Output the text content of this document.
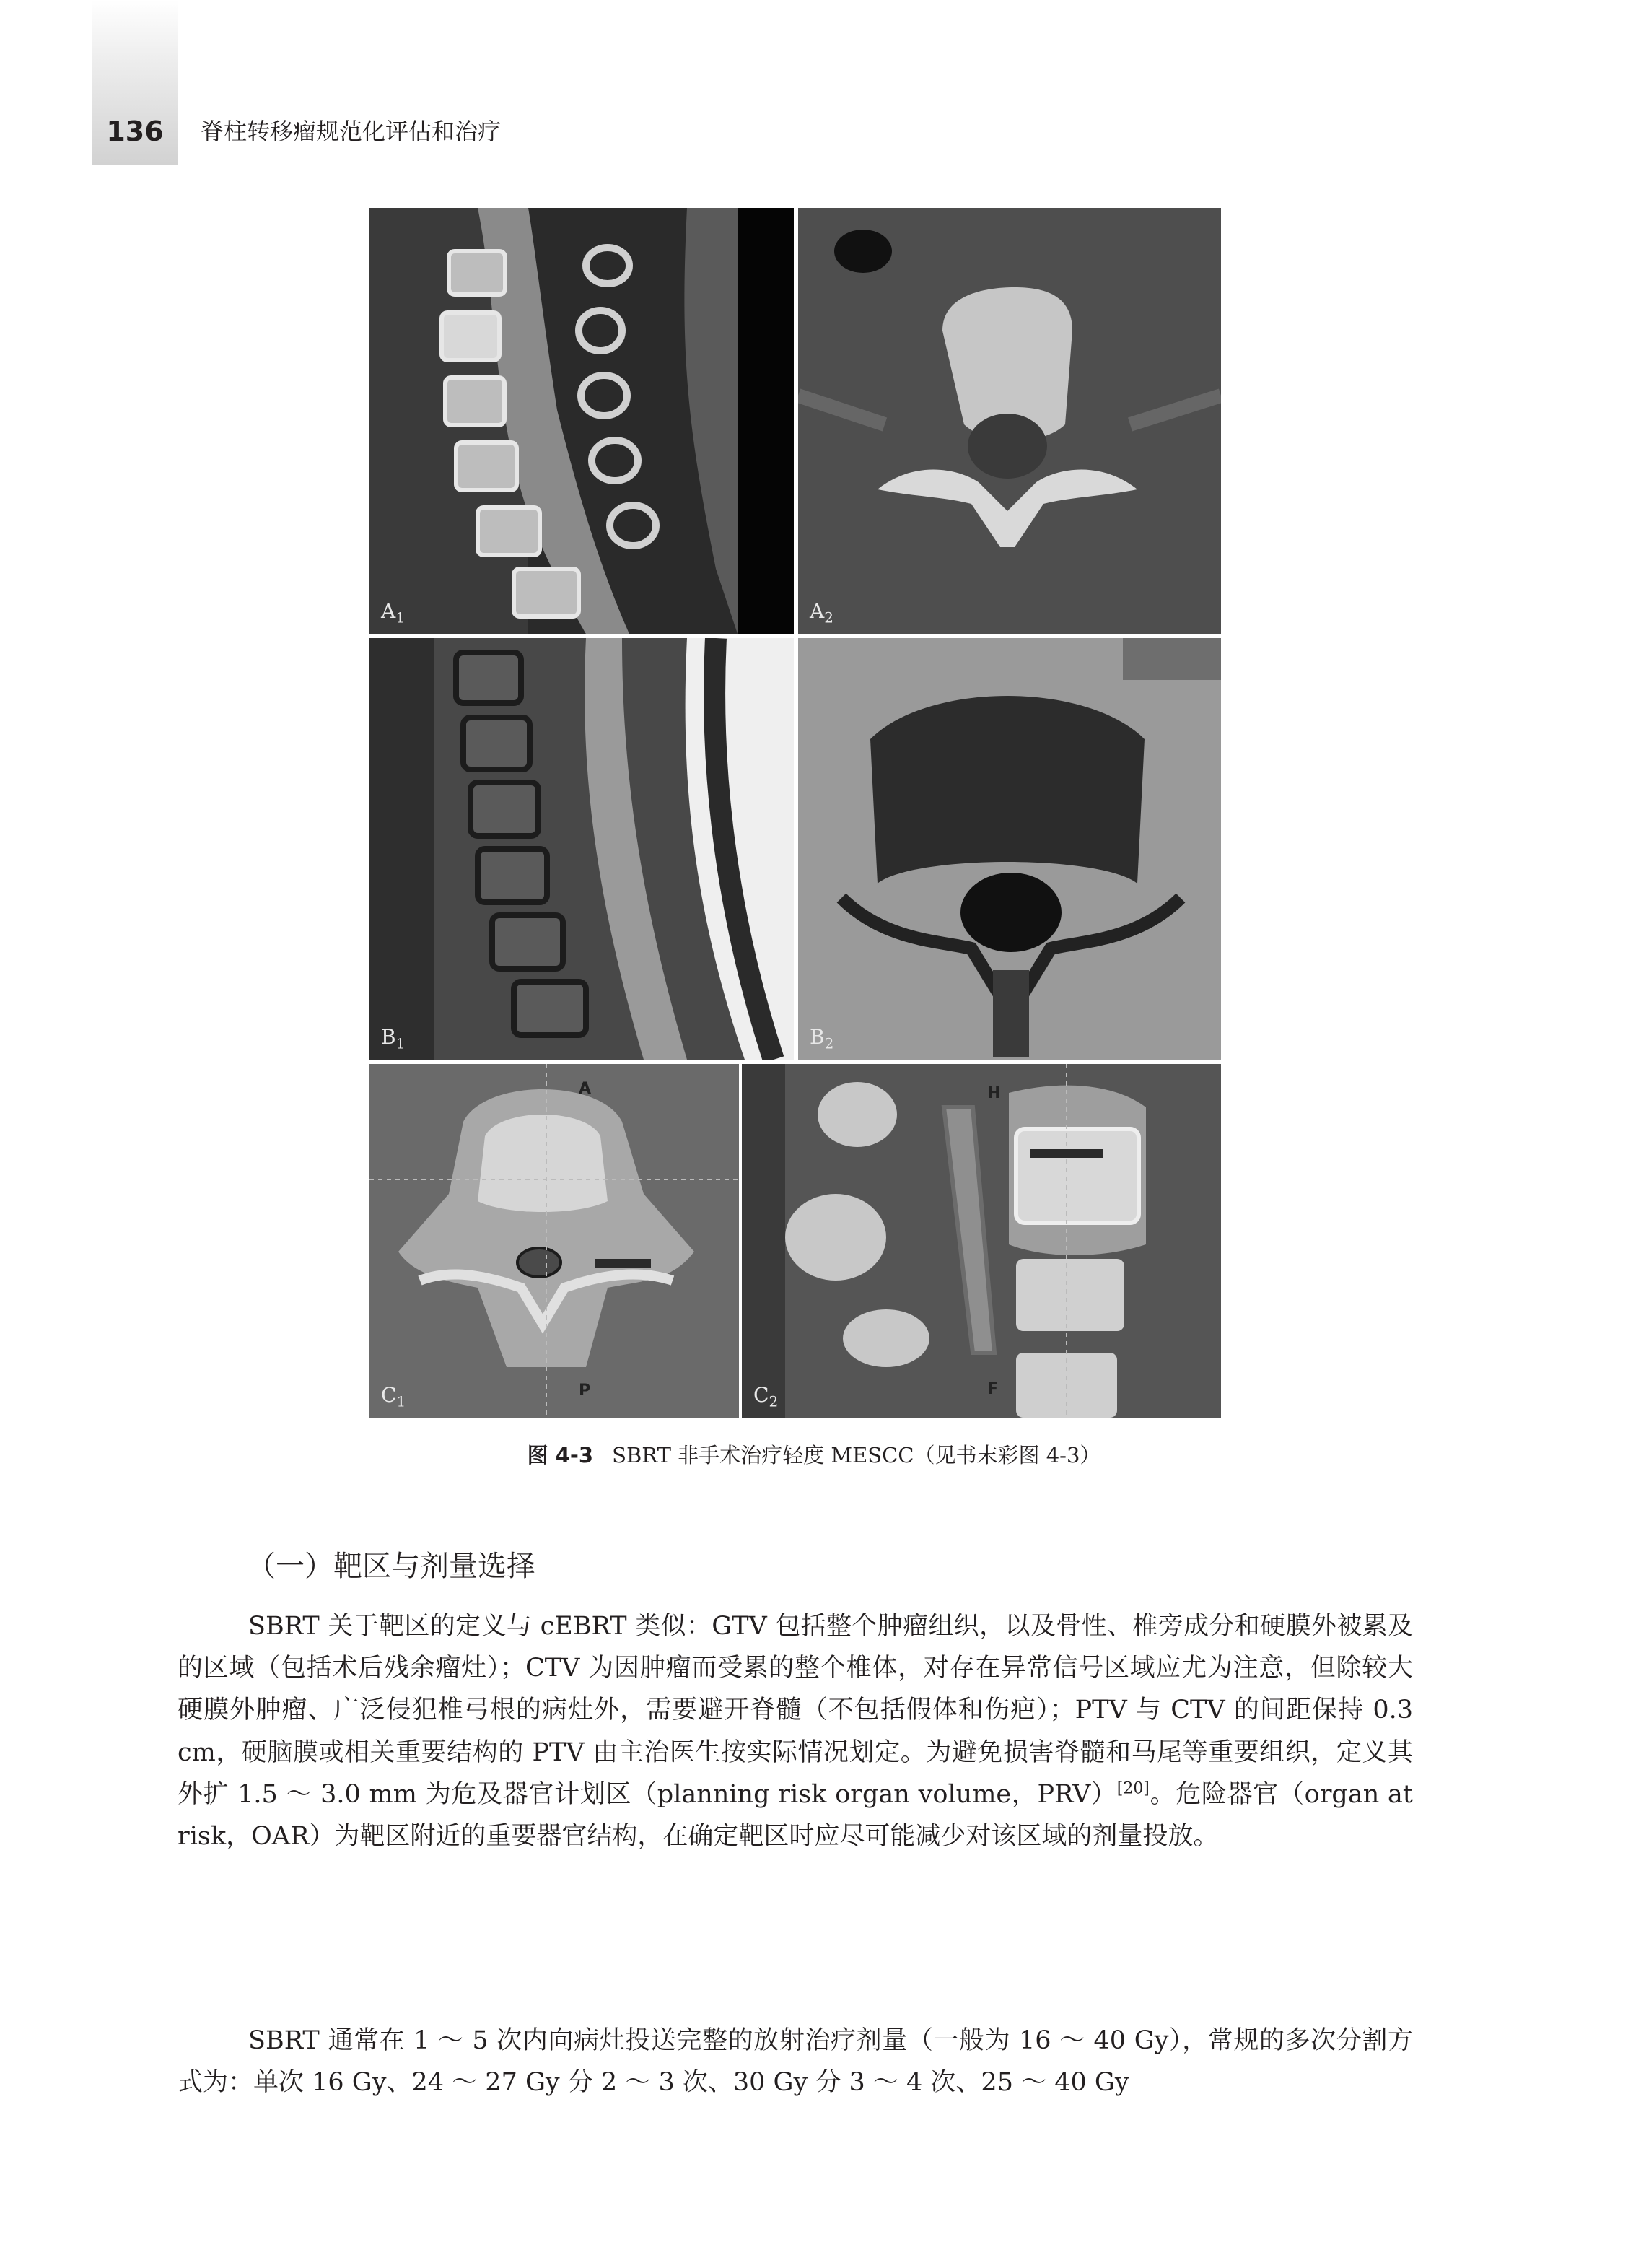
136	脊柱转移瘤规范化评估和治疗
$A_1$	$A_2$
$B_1$	$B_2$
A
P
$C_1$
H
F
$C_2$
图 4-3 SBRT 非手术治疗轻度 MESCC（见书末彩图 4-3）
（一）靶区与剂量选择

SBRT 关于靶区的定义与 cEBRT 类似：GTV 包括整个肿瘤组织，以及骨性、椎旁成分和硬膜外被累及的区域（包括术后残余瘤灶）；CTV 为因肿瘤而受累的整个椎体，对存在异常信号区域应尤为注意，但除较大硬膜外肿瘤、广泛侵犯椎弓根的病灶外，需要避开脊髓（不包括假体和伤疤）；PTV 与 CTV 的间距保持 0.3 cm，硬脑膜或相关重要结构的 PTV 由主治医生按实际情况划定。为避免损害脊髓和马尾等重要组织，定义其外扩 1.5 ～ 3.0 mm 为危及器官计划区（planning risk organ volume，PRV）[20]。危险器官（organ at risk，OAR）为靶区附近的重要器官结构，在确定靶区时应尽可能减少对该区域的剂量投放。

SBRT 通常在 1 ～ 5 次内向病灶投送完整的放射治疗剂量（一般为 16 ～ 40 Gy），常规的多次分割方式为：单次 16 Gy、24 ～ 27 Gy 分 2 ～ 3 次、30 Gy 分 3 ～ 4 次、25 ～ 40 Gy
